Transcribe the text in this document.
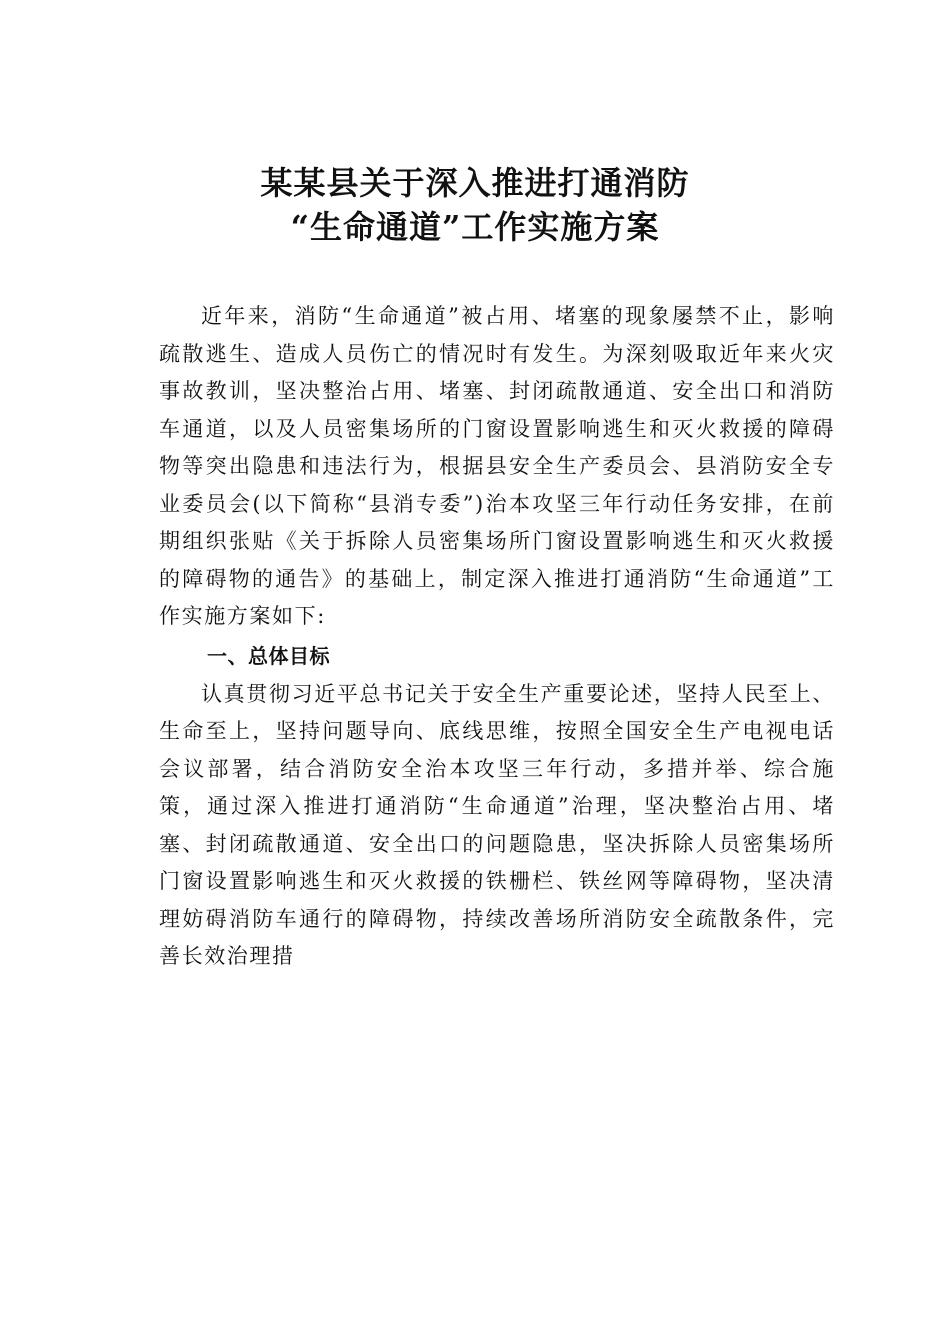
某某县关于深入推进打通消防
“生命通道”工作实施方案

近年来，消防“生命通道”被占用、堵塞的现象屡禁不止，影响疏散逃生、造成人员伤亡的情况时有发生。为深刻吸取近年来火灾事故教训，坚决整治占用、堵塞、封闭疏散通道、安全出口和消防车通道，以及人员密集场所的门窗设置影响逃生和灭火救援的障碍物等突出隐患和违法行为，根据县安全生产委员会、县消防安全专业委员会(以下简称“县消专委”)治本攻坚三年行动任务安排，在前期组织张贴《关于拆除人员密集场所门窗设置影响逃生和灭火救援的障碍物的通告》的基础上，制定深入推进打通消防“生命通道”工作实施方案如下:

一、总体目标

认真贯彻习近平总书记关于安全生产重要论述，坚持人民至上、生命至上，坚持问题导向、底线思维，按照全国安全生产电视电话会议部署，结合消防安全治本攻坚三年行动，多措并举、综合施策，通过深入推进打通消防“生命通道”治理，坚决整治占用、堵塞、封闭疏散通道、安全出口的问题隐患，坚决拆除人员密集场所门窗设置影响逃生和灭火救援的铁栅栏、铁丝网等障碍物，坚决清理妨碍消防车通行的障碍物，持续改善场所消防安全疏散条件，完善长效治理措
